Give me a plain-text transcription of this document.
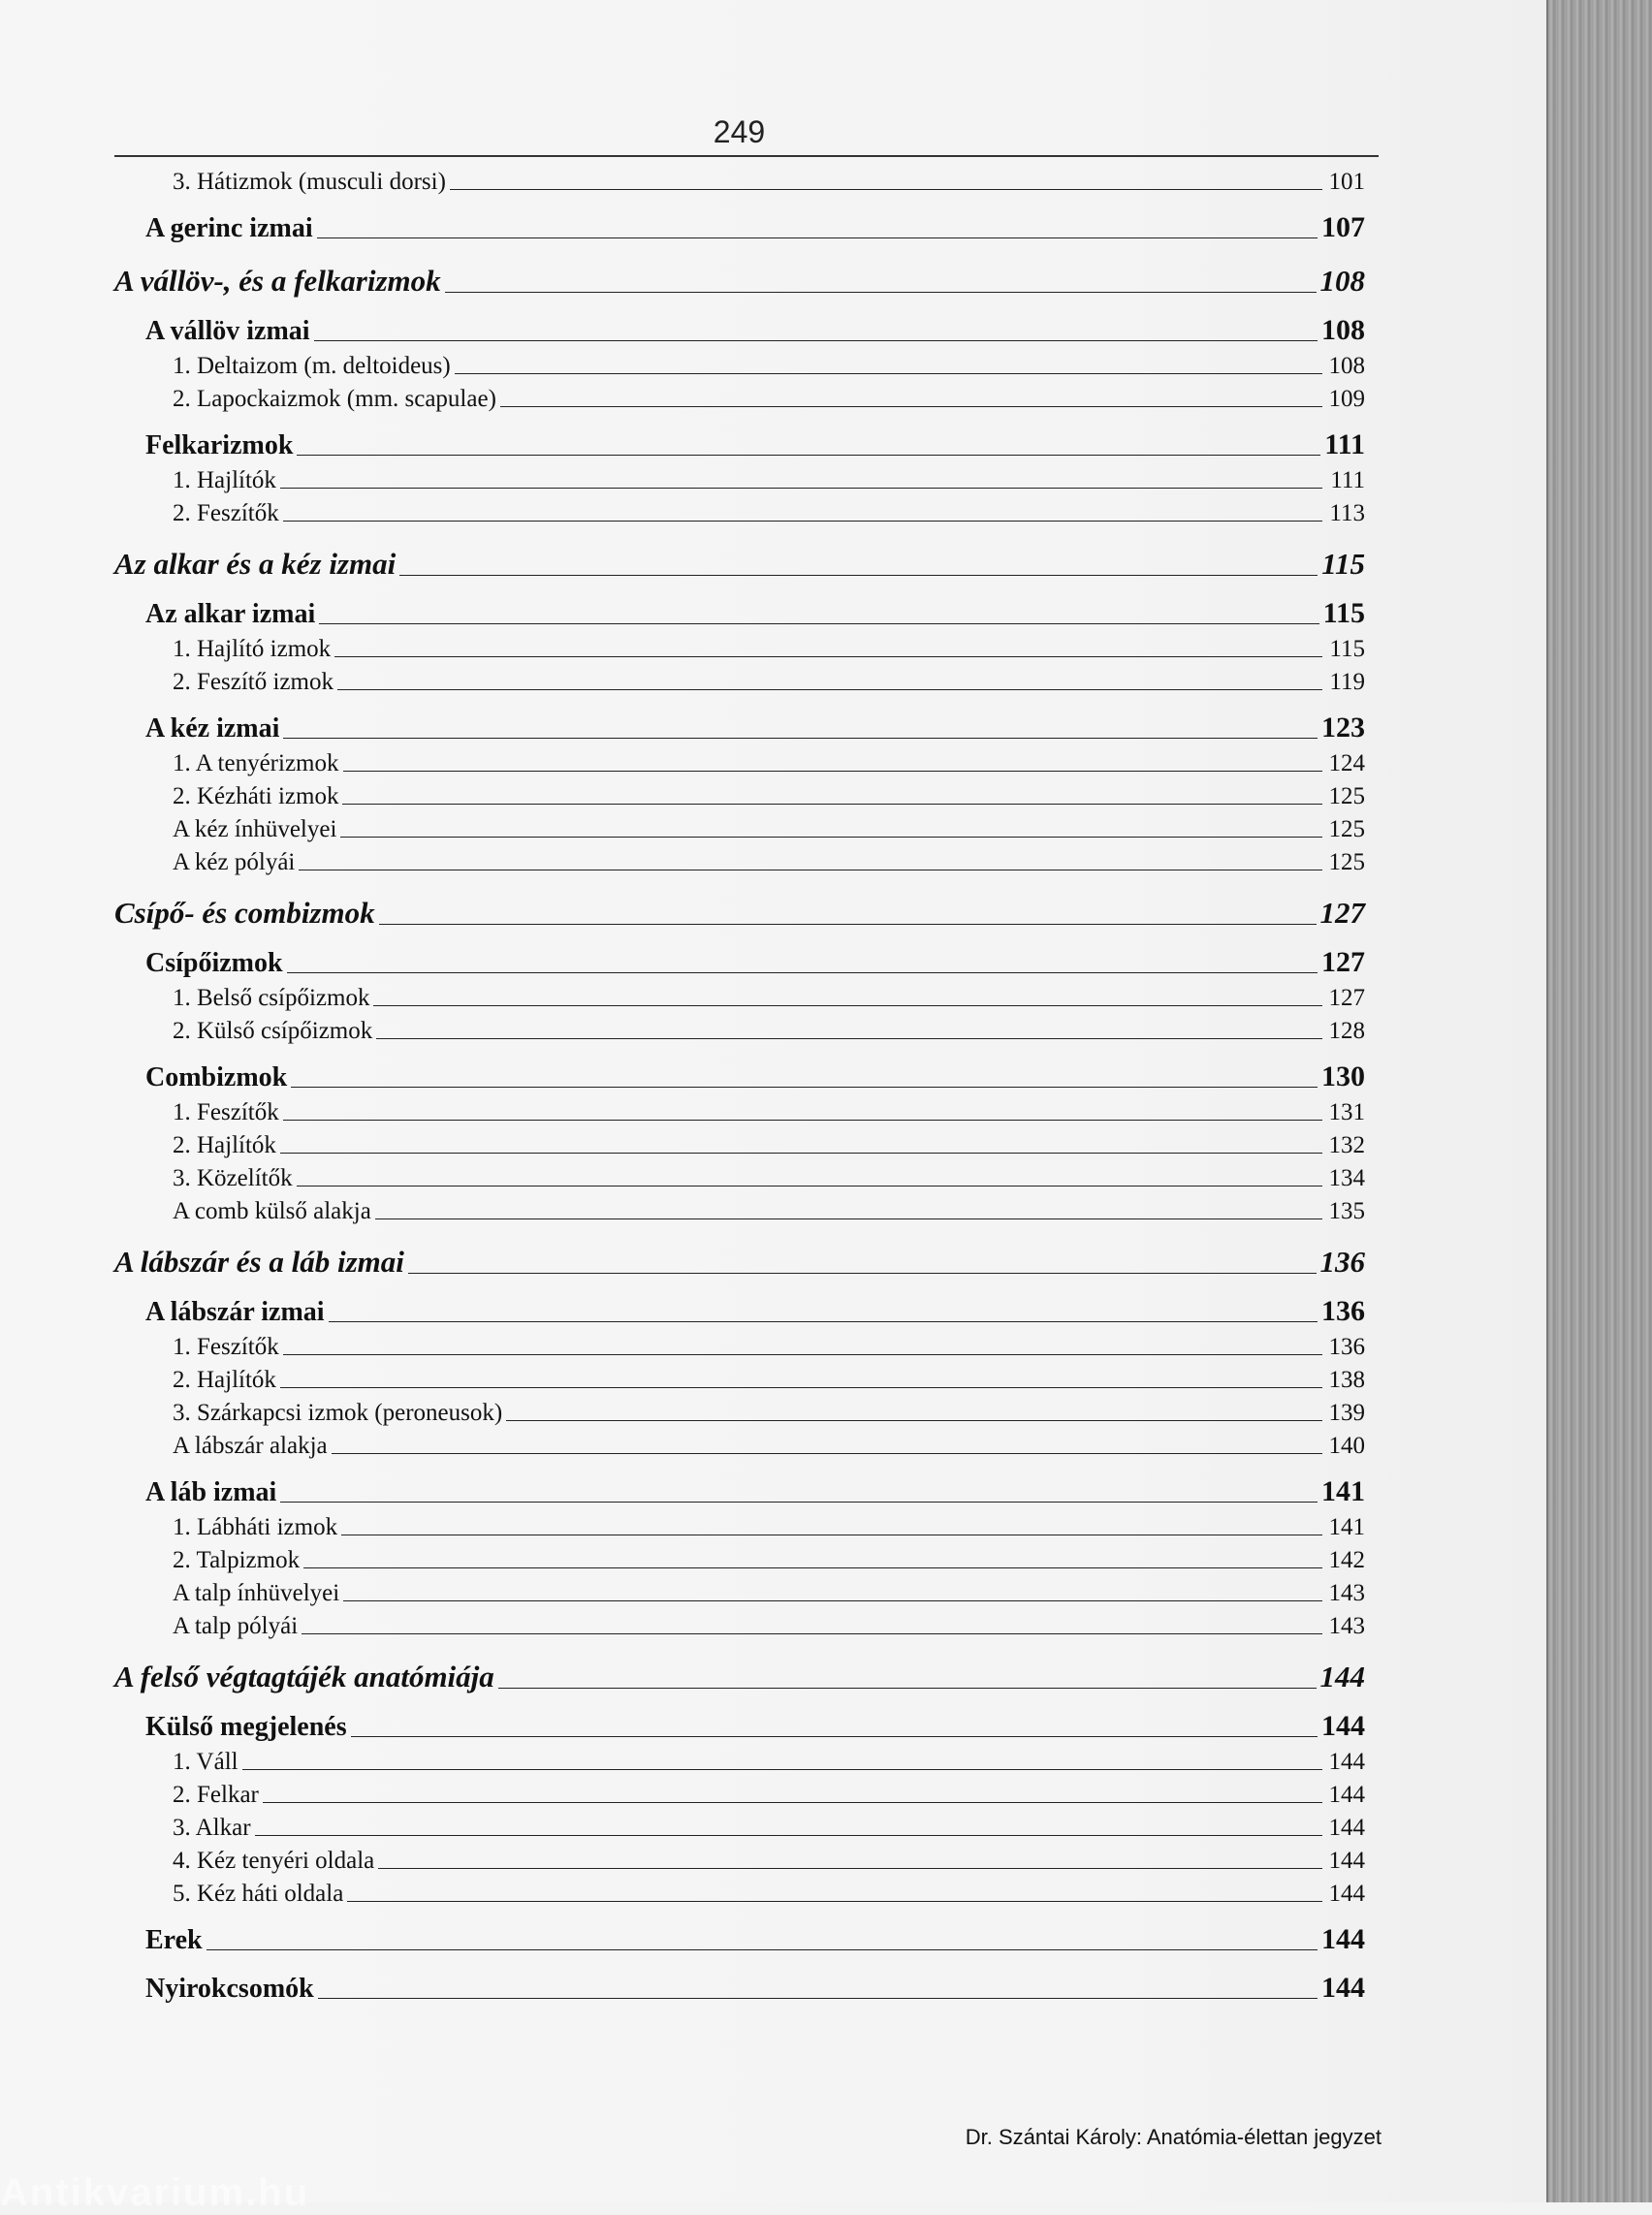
249
3. Hátizmok (musculi dorsi)	101
A gerinc izmai	107
A vállöv-, és a felkarizmok	108
A vállöv izmai	108
1. Deltaizom (m. deltoideus)	108
2. Lapockaizmok (mm. scapulae)	109
Felkarizmok	111
1. Hajlítók	111
2. Feszítők	113
Az alkar és a kéz izmai	115
Az alkar izmai	115
1. Hajlító izmok	115
2. Feszítő izmok	119
A kéz izmai	123
1. A tenyérizmok	124
2. Kézháti izmok	125
A kéz ínhüvelyei	125
A kéz pólyái	125
Csípő- és combizmok	127
Csípőizmok	127
1. Belső csípőizmok	127
2. Külső csípőizmok	128
Combizmok	130
1. Feszítők	131
2. Hajlítók	132
3. Közelítők	134
A comb külső alakja	135
A lábszár és a láb izmai	136
A lábszár izmai	136
1. Feszítők	136
2. Hajlítók	138
3. Szárkapcsi izmok (peroneusok)	139
A lábszár alakja	140
A láb izmai	141
1. Lábháti izmok	141
2. Talpizmok	142
A talp ínhüvelyei	143
A talp pólyái	143
A felső végtagtájék anatómiája	144
Külső megjelenés	144
1. Váll	144
2. Felkar	144
3. Alkar	144
4. Kéz tenyéri oldala	144
5. Kéz háti oldala	144
Erek	144
Nyirokcsomók	144
Dr. Szántai Károly: Anatómia-élettan jegyzet
Antikvarium.hu
